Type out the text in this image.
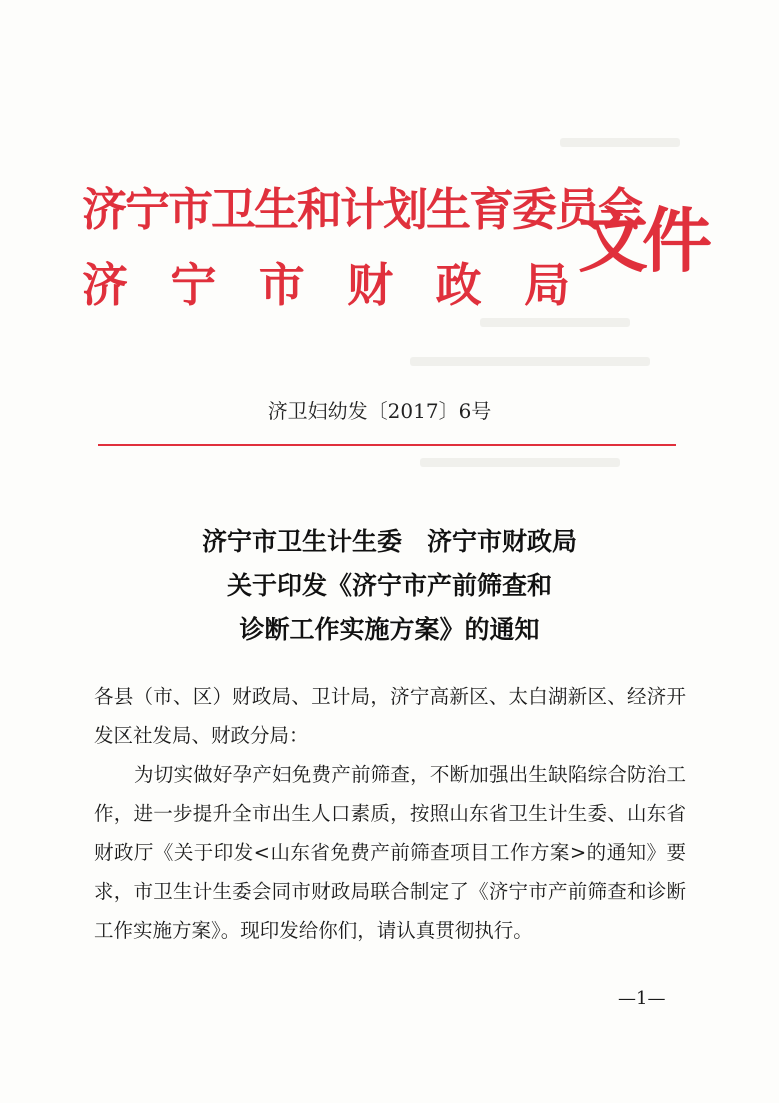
济宁市卫生和计划生育委员会
济 宁 市 财 政 局
文件
济卫妇幼发〔2017〕6号
济宁市卫生计生委　济宁市财政局
关于印发《济宁市产前筛查和
诊断工作实施方案》的通知

各县（市、区）财政局、卫计局，济宁高新区、太白湖新区、经济开发区社发局、财政分局：

为切实做好孕产妇免费产前筛查，不断加强出生缺陷综合防治工作，进一步提升全市出生人口素质，按照山东省卫生计生委、山东省财政厅《关于印发<山东省免费产前筛查项目工作方案>的通知》要求，市卫生计生委会同市财政局联合制定了《济宁市产前筛查和诊断工作实施方案》。现印发给你们，请认真贯彻执行。

—1—
